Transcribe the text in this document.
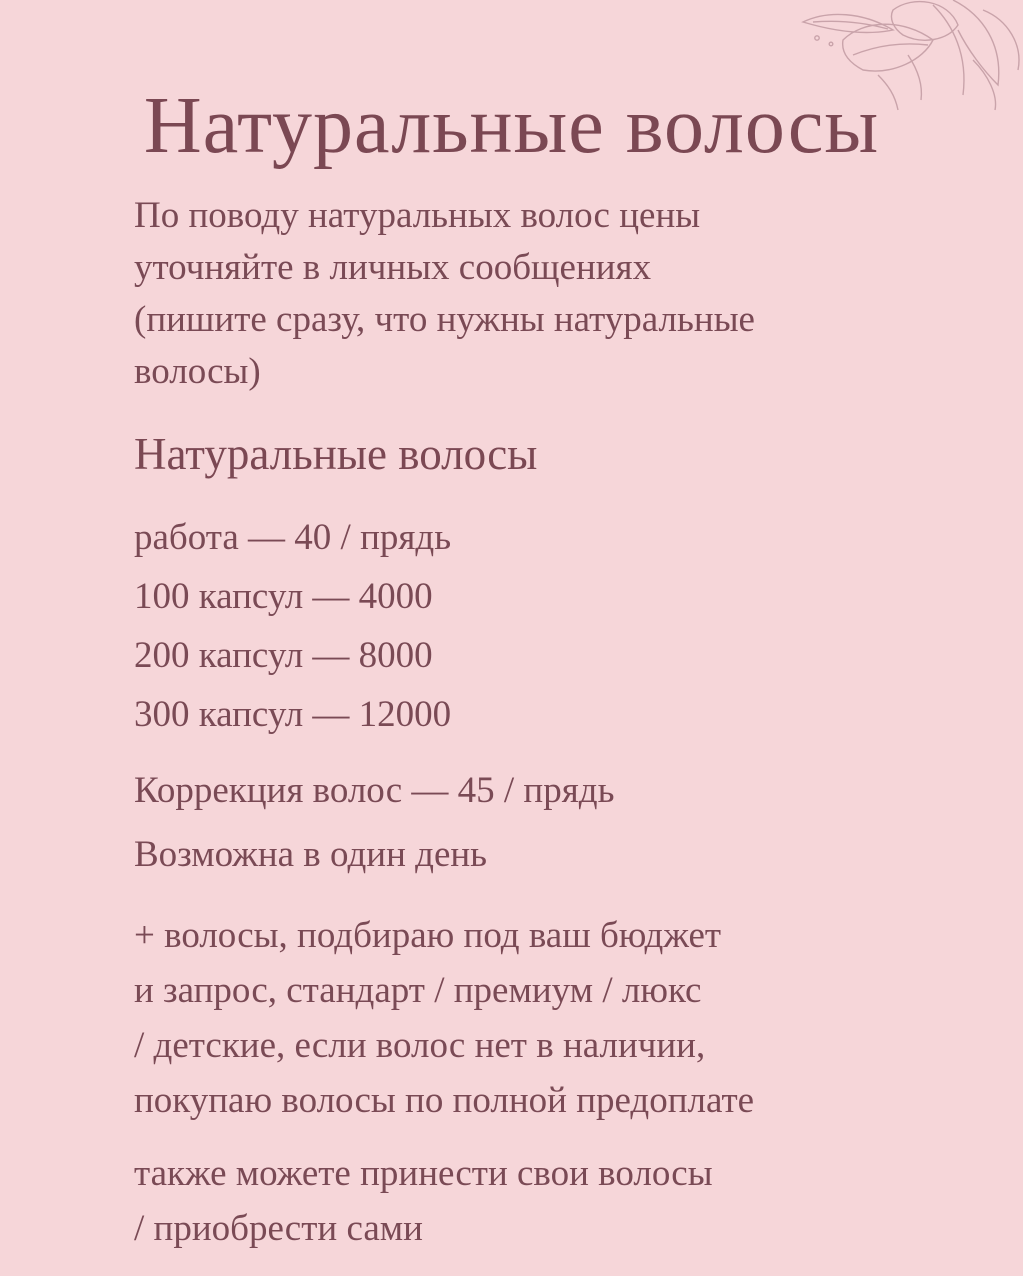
Натуральные волосы
По поводу натуральных волос цены
уточняйте в личных сообщениях
(пишите сразу, что нужны натуральные
волосы)
Натуральные волосы
работа — 40 / прядь
100 капсул — 4000
200 капсул — 8000
300 капсул — 12000
Коррекция волос — 45 / прядь
Возможна в один день
+ волосы, подбираю под ваш бюджет
и запрос, стандарт / премиум / люкс
/ детские, если волос нет в наличии,
покупаю волосы по полной предоплате
также можете принести свои волосы
/ приобрести сами
